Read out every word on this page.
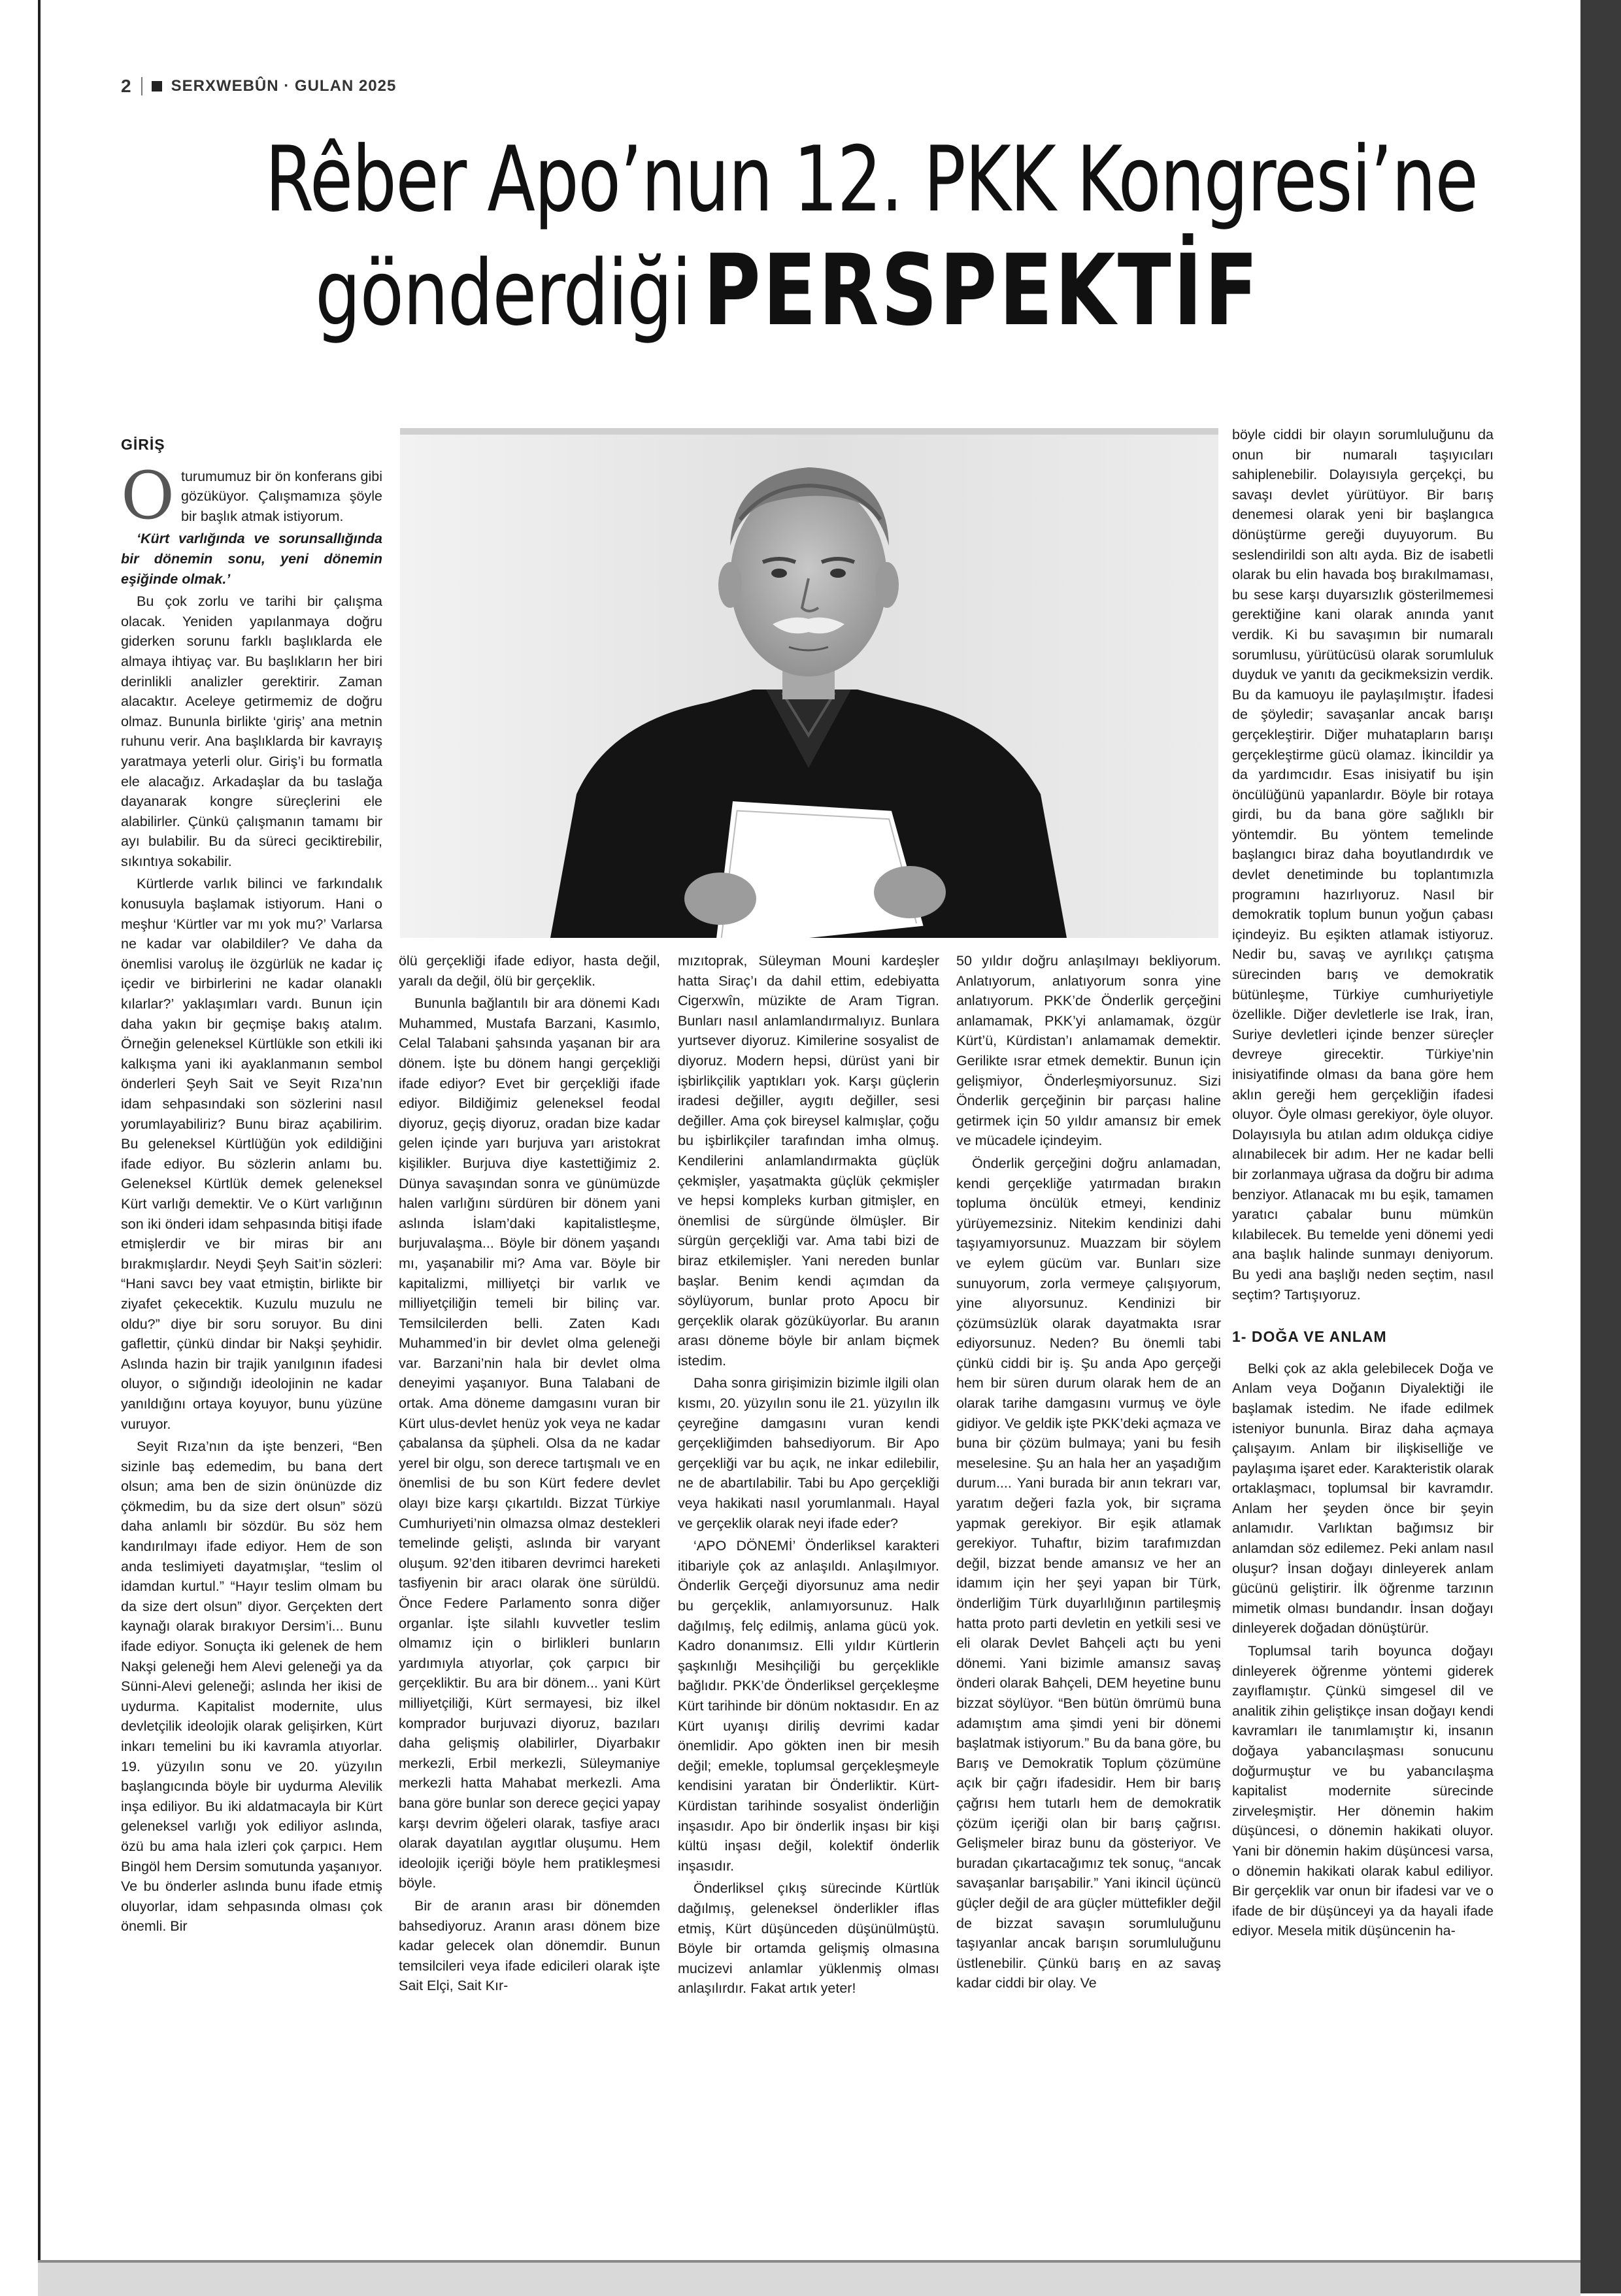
2	SERXWEBÛN · GULAN 2025
Rêber Apo’nun 12. PKK Kongresi’ne
gönderdiği PERSPEKTİF
GİRİŞ
O turumumuz bir ön konferans gibi gözüküyor. Çalışmamıza şöyle bir başlık atmak istiyorum.

‘Kürt varlığında ve sorunsallığında bir dönemin sonu, yeni dönemin eşiğinde olmak.’

Bu çok zorlu ve tarihi bir çalışma olacak. Yeniden yapılanmaya doğru giderken sorunu farklı başlıklarda ele almaya ihtiyaç var. Bu başlıkların her biri derinlikli analizler gerektirir. Zaman alacaktır. Aceleye getirmemiz de doğru olmaz. Bununla birlikte ‘giriş’ ana metnin ruhunu verir. Ana başlıklarda bir kavrayış yaratmaya yeterli olur. Giriş’i bu formatla ele alacağız. Arkadaşlar da bu taslağa dayanarak kongre süreçlerini ele alabilirler. Çünkü çalışmanın tamamı bir ayı bulabilir. Bu da süreci geciktirebilir, sıkıntıya sokabilir.

Kürtlerde varlık bilinci ve farkındalık konusuyla başlamak istiyorum. Hani o meşhur ‘Kürtler var mı yok mu?’ Varlarsa ne kadar var olabildiler? Ve daha da önemlisi varoluş ile özgürlük ne kadar iç içedir ve birbirlerini ne kadar olanaklı kılarlar?’ yaklaşımları vardı. Bunun için daha yakın bir geçmişe bakış atalım. Örneğin geleneksel Kürtlükle son etkili iki kalkışma yani iki ayaklanmanın sembol önderleri Şeyh Sait ve Seyit Rıza’nın idam sehpasındaki son sözlerini nasıl yorumlayabiliriz? Bunu biraz açabilirim. Bu geleneksel Kürtlüğün yok edildiğini ifade ediyor. Bu sözlerin anlamı bu. Geleneksel Kürtlük demek geleneksel Kürt varlığı demektir. Ve o Kürt varlığının son iki önderi idam sehpasında bitişi ifade etmişlerdir ve bir miras bir anı bırakmışlardır. Neydi Şeyh Sait’in sözleri: “Hani savcı bey vaat etmiştin, birlikte bir ziyafet çekecektik. Kuzulu muzulu ne oldu?” diye bir soru soruyor. Bu dini gaflettir, çünkü dindar bir Nakşi şeyhidir. Aslında hazin bir trajik yanılgının ifadesi oluyor, o sığındığı ideolojinin ne kadar yanıldığını ortaya koyuyor, bunu yüzüne vuruyor.

Seyit Rıza’nın da işte benzeri, “Ben sizinle baş edemedim, bu bana dert olsun; ama ben de sizin önünüzde diz çökmedim, bu da size dert olsun” sözü daha anlamlı bir sözdür. Bu söz hem kandırılmayı ifade ediyor. Hem de son anda teslimiyeti dayatmışlar, “teslim ol idamdan kurtul.” “Hayır teslim olmam bu da size dert olsun” diyor. Gerçekten dert kaynağı olarak bırakıyor Dersim’i... Bunu ifade ediyor. Sonuçta iki gelenek de hem Nakşi geleneği hem Alevi geleneği ya da Sünni-Alevi geleneği; aslında her ikisi de uydurma. Kapitalist modernite, ulus devletçilik ideolojik olarak gelişirken, Kürt inkarı temelini bu iki kavramla atıyorlar. 19. yüzyılın sonu ve 20. yüzyılın başlangıcında böyle bir uydurma Alevilik inşa ediliyor. Bu iki aldatmacayla bir Kürt geleneksel varlığı yok ediliyor aslında, özü bu ama hala izleri çok çarpıcı. Hem Bingöl hem Dersim somutunda yaşanıyor. Ve bu önderler aslında bunu ifade etmiş oluyorlar, idam sehpasında olması çok önemli. Bir

ölü gerçekliği ifade ediyor, hasta değil, yaralı da değil, ölü bir gerçeklik.

Bununla bağlantılı bir ara dönemi Kadı Muhammed, Mustafa Barzani, Kasımlo, Celal Talabani şahsında yaşanan bir ara dönem. İşte bu dönem hangi gerçekliği ifade ediyor? Evet bir gerçekliği ifade ediyor. Bildiğimiz geleneksel feodal diyoruz, geçiş diyoruz, oradan bize kadar gelen içinde yarı burjuva yarı aristokrat kişilikler. Burjuva diye kastettiğimiz 2. Dünya savaşından sonra ve günümüzde halen varlığını sürdüren bir dönem yani aslında İslam’daki kapitalistleşme, burjuvalaşma... Böyle bir dönem yaşandı mı, yaşanabilir mi? Ama var. Böyle bir kapitalizmi, milliyetçi bir varlık ve milliyetçiliğin temeli bir bilinç var. Temsilcilerden belli. Zaten Kadı Muhammed’in bir devlet olma geleneği var. Barzani’nin hala bir devlet olma deneyimi yaşanıyor. Buna Talabani de ortak. Ama döneme damgasını vuran bir Kürt ulus-devlet henüz yok veya ne kadar çabalansa da şüpheli. Olsa da ne kadar yerel bir olgu, son derece tartışmalı ve en önemlisi de bu son Kürt federe devlet olayı bize karşı çıkartıldı. Bizzat Türkiye Cumhuriyeti’nin olmazsa olmaz destekleri temelinde gelişti, aslında bir varyant oluşum. 92’den itibaren devrimci hareketi tasfiyenin bir aracı olarak öne sürüldü. Önce Federe Parlamento sonra diğer organlar. İşte silahlı kuvvetler teslim olmamız için o birlikleri bunların yardımıyla atıyorlar, çok çarpıcı bir gerçekliktir. Bu ara bir dönem... yani Kürt milliyetçiliği, Kürt sermayesi, biz ilkel komprador burjuvazi diyoruz, bazıları daha gelişmiş olabilirler, Diyarbakır merkezli, Erbil merkezli, Süleymaniye merkezli hatta Mahabat merkezli. Ama bana göre bunlar son derece geçici yapay karşı devrim öğeleri olarak, tasfiye aracı olarak dayatılan aygıtlar oluşumu. Hem ideolojik içeriği böyle hem pratikleşmesi böyle.

Bir de aranın arası bir dönemden bahsediyoruz. Aranın arası dönem bize kadar gelecek olan dönemdir. Bunun temsilcileri veya ifade edicileri olarak işte Sait Elçi, Sait Kır-

mızıtoprak, Süleyman Mouni kardeşler hatta Siraç’ı da dahil ettim, edebiyatta Cigerxwîn, müzikte de Aram Tigran. Bunları nasıl anlamlandırmalıyız. Bunlara yurtsever diyoruz. Kimilerine sosyalist de diyoruz. Modern hepsi, dürüst yani bir işbirlikçilik yaptıkları yok. Karşı güçlerin iradesi değiller, aygıtı değiller, sesi değiller. Ama çok bireysel kalmışlar, çoğu bu işbirlikçiler tarafından imha olmuş. Kendilerini anlamlandırmakta güçlük çekmişler, yaşatmakta güçlük çekmişler ve hepsi kompleks kurban gitmişler, en önemlisi de sürgünde ölmüşler. Bir sürgün gerçekliği var. Ama tabi bizi de biraz etkilemişler. Yani nereden bunlar başlar. Benim kendi açımdan da söylüyorum, bunlar proto Apocu bir gerçeklik olarak gözüküyorlar. Bu aranın arası döneme böyle bir anlam biçmek istedim.

Daha sonra girişimizin bizimle ilgili olan kısmı, 20. yüzyılın sonu ile 21. yüzyılın ilk çeyreğine damgasını vuran kendi gerçekliğimden bahsediyorum. Bir Apo gerçekliği var bu açık, ne inkar edilebilir, ne de abartılabilir. Tabi bu Apo gerçekliği veya hakikati nasıl yorumlanmalı. Hayal ve gerçeklik olarak neyi ifade eder?

‘APO DÖNEMİ’ Önderliksel karakteri itibariyle çok az anlaşıldı. Anlaşılmıyor. Önderlik Gerçeği diyorsunuz ama nedir bu gerçeklik, anlamıyorsunuz. Halk dağılmış, felç edilmiş, anlama gücü yok. Kadro donanımsız. Elli yıldır Kürtlerin şaşkınlığı Mesihçiliği bu gerçeklikle bağlıdır. PKK’de Önderliksel gerçekleşme Kürt tarihinde bir dönüm noktasıdır. En az Kürt uyanışı diriliş devrimi kadar önemlidir. Apo gökten inen bir mesih değil; emekle, toplumsal gerçekleşmeyle kendisini yaratan bir Önderliktir. Kürt-Kürdistan tarihinde sosyalist önderliğin inşasıdır. Apo bir önderlik inşası bir kişi kültü inşası değil, kolektif önderlik inşasıdır.

Önderliksel çıkış sürecinde Kürtlük dağılmış, geleneksel önderlikler iflas etmiş, Kürt düşünceden düşünülmüştü. Böyle bir ortamda gelişmiş olmasına mucizevi anlamlar yüklenmiş olması anlaşılırdır. Fakat artık yeter!

50 yıldır doğru anlaşılmayı bekliyorum. Anlatıyorum, anlatıyorum sonra yine anlatıyorum. PKK’de Önderlik gerçeğini anlamamak, PKK’yi anlamamak, özgür Kürt’ü, Kürdistan’ı anlamamak demektir. Gerilikte ısrar etmek demektir. Bunun için gelişmiyor, Önderleşmiyorsunuz. Sizi Önderlik gerçeğinin bir parçası haline getirmek için 50 yıldır amansız bir emek ve mücadele içindeyim.

Önderlik gerçeğini doğru anlamadan, kendi gerçekliğe yatırmadan bırakın topluma öncülük etmeyi, kendiniz yürüyemezsiniz. Nitekim kendinizi dahi taşıyamıyorsunuz. Muazzam bir söylem ve eylem gücüm var. Bunları size sunuyorum, zorla vermeye çalışıyorum, yine alıyorsunuz. Kendinizi bir çözümsüzlük olarak dayatmakta ısrar ediyorsunuz. Neden? Bu önemli tabi çünkü ciddi bir iş. Şu anda Apo gerçeği hem bir süren durum olarak hem de an olarak tarihe damgasını vurmuş ve öyle gidiyor. Ve geldik işte PKK’deki açmaza ve buna bir çözüm bulmaya; yani bu fesih meselesine. Şu an hala her an yaşadığım durum.... Yani burada bir anın tekrarı var, yaratım değeri fazla yok, bir sıçrama yapmak gerekiyor. Bir eşik atlamak gerekiyor. Tuhaftır, bizim tarafımızdan değil, bizzat bende amansız ve her an idamım için her şeyi yapan bir Türk, önderliğim Türk duyarlılığının partileşmiş hatta proto parti devletin en yetkili sesi ve eli olarak Devlet Bahçeli açtı bu yeni dönemi. Yani bizimle amansız savaş önderi olarak Bahçeli, DEM heyetine bunu bizzat söylüyor. “Ben bütün ömrümü buna adamıştım ama şimdi yeni bir dönemi başlatmak istiyorum.” Bu da bana göre, bu Barış ve Demokratik Toplum çözümüne açık bir çağrı ifadesidir. Hem bir barış çağrısı hem tutarlı hem de demokratik çözüm içeriği olan bir barış çağrısı. Gelişmeler biraz bunu da gösteriyor. Ve buradan çıkartacağımız tek sonuç, “ancak savaşanlar barışabilir.” Yani ikincil üçüncü güçler değil de ara güçler müttefikler değil de bizzat savaşın sorumluluğunu taşıyanlar ancak barışın sorumluluğunu üstlenebilir. Çünkü barış en az savaş kadar ciddi bir olay. Ve

böyle ciddi bir olayın sorumluluğunu da onun bir numaralı taşıyıcıları sahiplenebilir. Dolayısıyla gerçekçi, bu savaşı devlet yürütüyor. Bir barış denemesi olarak yeni bir başlangıca dönüştürme gereği duyuyorum. Bu seslendirildi son altı ayda. Biz de isabetli olarak bu elin havada boş bırakılmaması, bu sese karşı duyarsızlık gösterilmemesi gerektiğine kani olarak anında yanıt verdik. Ki bu savaşımın bir numaralı sorumlusu, yürütücüsü olarak sorumluluk duyduk ve yanıtı da gecikmeksizin verdik. Bu da kamuoyu ile paylaşılmıştır. İfadesi de şöyledir; savaşanlar ancak barışı gerçekleştirir. Diğer muhatapların barışı gerçekleştirme gücü olamaz. İkincildir ya da yardımcıdır. Esas inisiyatif bu işin öncülüğünü yapanlardır. Böyle bir rotaya girdi, bu da bana göre sağlıklı bir yöntemdir. Bu yöntem temelinde başlangıcı biraz daha boyutlandırdık ve devlet denetiminde bu toplantımızla programını hazırlıyoruz. Nasıl bir demokratik toplum bunun yoğun çabası içindeyiz. Bu eşikten atlamak istiyoruz. Nedir bu, savaş ve ayrılıkçı çatışma sürecinden barış ve demokratik bütünleşme, Türkiye cumhuriyetiyle özellikle. Diğer devletlerle ise Irak, İran, Suriye devletleri içinde benzer süreçler devreye girecektir. Türkiye’nin inisiyatifinde olması da bana göre hem aklın gereği hem gerçekliğin ifadesi oluyor. Öyle olması gerekiyor, öyle oluyor. Dolayısıyla bu atılan adım oldukça cidiye alınabilecek bir adım. Her ne kadar belli bir zorlanmaya uğrasa da doğru bir adıma benziyor. Atlanacak mı bu eşik, tamamen yaratıcı çabalar bunu mümkün kılabilecek. Bu temelde yeni dönemi yedi ana başlık halinde sunmayı deniyorum. Bu yedi ana başlığı neden seçtim, nasıl seçtim? Tartışıyoruz.

1- DOĞA VE ANLAM

Belki çok az akla gelebilecek Doğa ve Anlam veya Doğanın Diyalektiği ile başlamak istedim. Ne ifade edilmek isteniyor bununla. Biraz daha açmaya çalışayım. Anlam bir ilişkiselliğe ve paylaşıma işaret eder. Karakteristik olarak ortaklaşmacı, toplumsal bir kavramdır. Anlam her şeyden önce bir şeyin anlamıdır. Varlıktan bağımsız bir anlamdan söz edilemez. Peki anlam nasıl oluşur? İnsan doğayı dinleyerek anlam gücünü geliştirir. İlk öğrenme tarzının mimetik olması bundandır. İnsan doğayı dinleyerek doğadan dönüştürür.

Toplumsal tarih boyunca doğayı dinleyerek öğrenme yöntemi giderek zayıflamıştır. Çünkü simgesel dil ve analitik zihin geliştikçe insan doğayı kendi kavramları ile tanımlamıştır ki, insanın doğaya yabancılaşması sonucunu doğurmuştur ve bu yabancılaşma kapitalist modernite sürecinde zirveleşmiştir. Her dönemin hakim düşüncesi, o dönemin hakikati oluyor. Yani bir dönemin hakim düşüncesi varsa, o dönemin hakikati olarak kabul ediliyor. Bir gerçeklik var onun bir ifadesi var ve o ifade de bir düşünceyi ya da hayali ifade ediyor. Mesela mitik düşüncenin ha-
